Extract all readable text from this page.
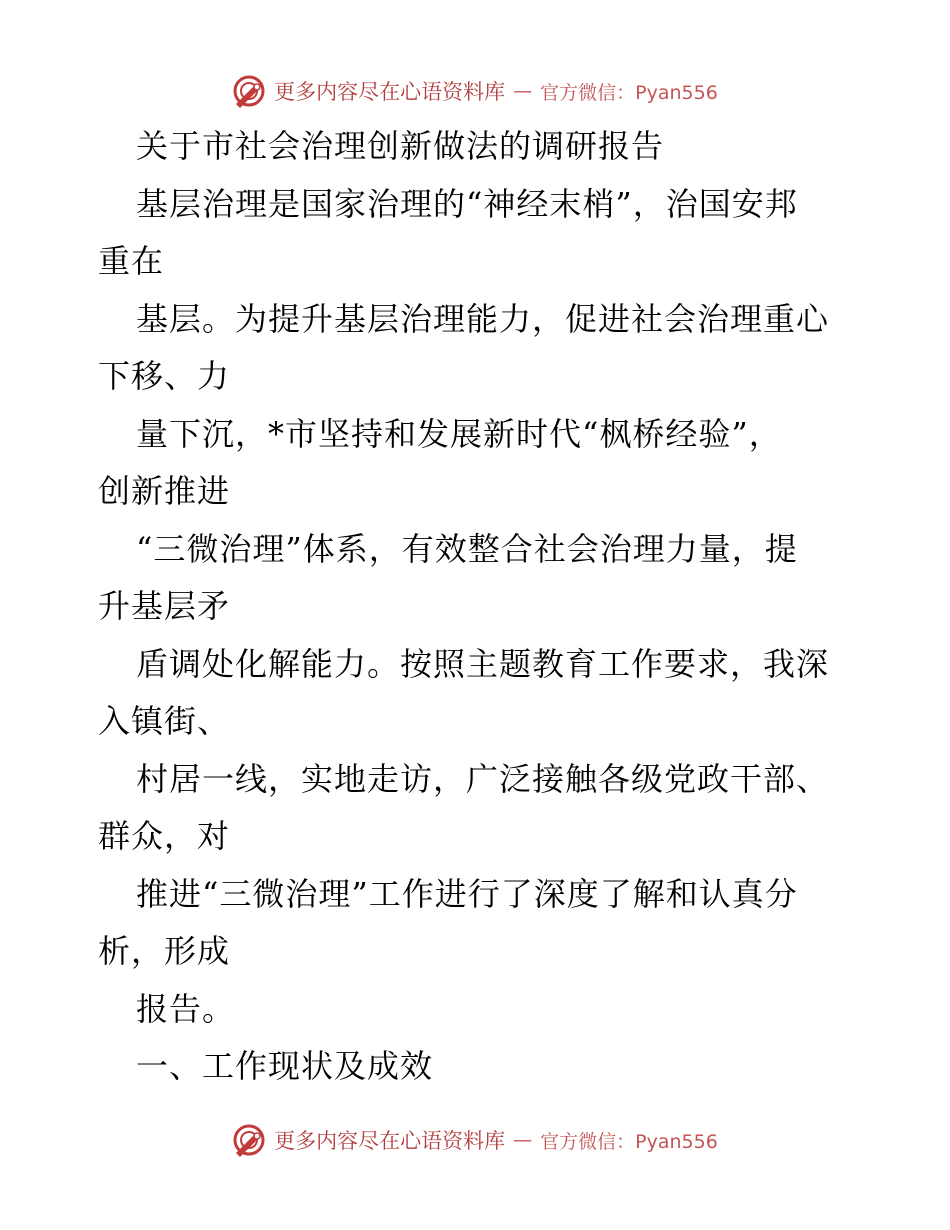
更多内容尽在心语资料库 — 官方微信：Pyan556
关于市社会治理创新做法的调研报告
基层治理是国家治理的“神经末梢”，治国安邦
重在
基层。为提升基层治理能力，促进社会治理重心
下移、力
量下沉，*市坚持和发展新时代“枫桥经验”，
创新推进
“三微治理”体系，有效整合社会治理力量，提
升基层矛
盾调处化解能力。按照主题教育工作要求，我深
入镇街、
村居一线，实地走访，广泛接触各级党政干部、
群众，对
推进“三微治理”工作进行了深度了解和认真分
析，形成
报告。
一、工作现状及成效
更多内容尽在心语资料库 — 官方微信：Pyan556
